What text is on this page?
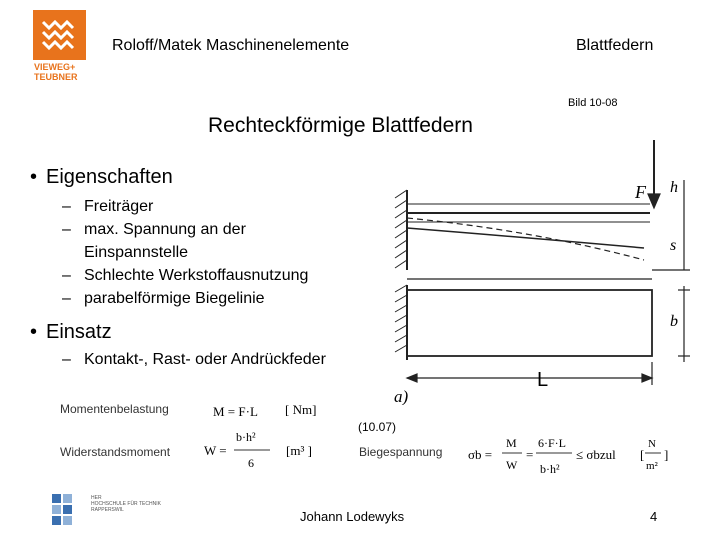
VIEWEG+
TEUBNER
Roloff/Matek Maschinenelemente	Blattfedern
Bild 10-08
Rechteckförmige Blattfedern
• Eigenschaften
– Freiträger
– max. Spannung an der Einspannstelle
– Schlechte Werkstoffausnutzung
– parabelförmige Biegelinie
• Einsatz
– Kontakt-, Rast- oder Andrückfeder
F h
s
b
L
a)
Momentenbelastung	M = F·L [ Nm]
Widerstandsmoment	W =
b·h²
6
[m³ ]
(10.07)
Biegespannung σb =
M
W
=
6·F·L
b·h²
≤ σbzul [
N
m²
]
HER
HOCHSCHULE FÜR TECHNIK
RAPPERSWIL	Johann Lodewyks	4
